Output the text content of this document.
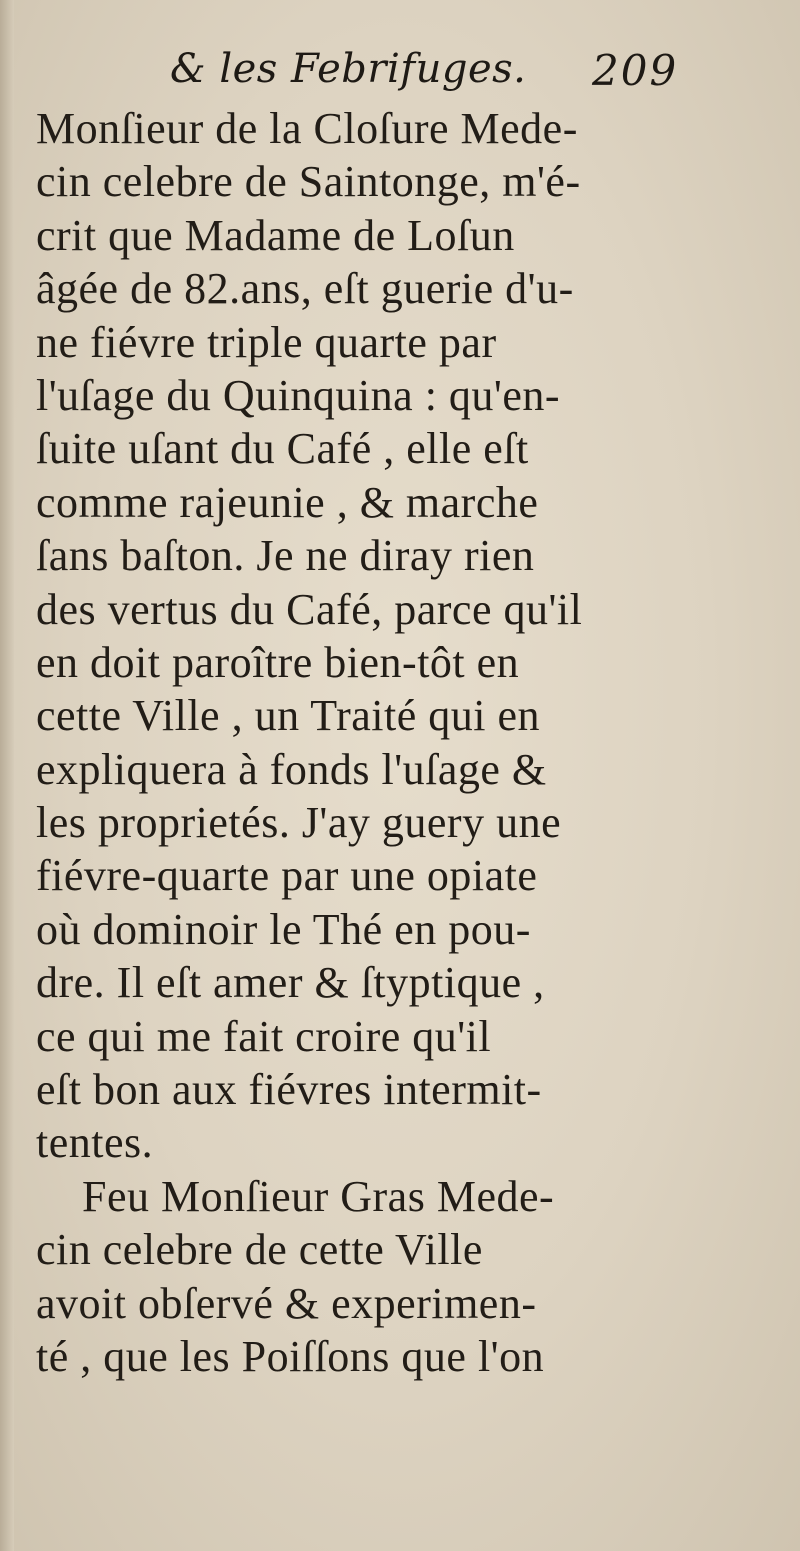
& les Febrifuges. 209
Monſieur de la Cloſure Mede-
cin celebre de Saintonge, m'é-
crit que Madame de Loſun
âgée de 82.ans, eſt guerie d'u-
ne fiévre triple quarte par
l'uſage du Quinquina : qu'en-
ſuite uſant du Café , elle eſt
comme rajeunie , & marche
ſans baſton. Je ne diray rien
des vertus du Café, parce qu'il
en doit paroître bien-tôt en
cette Ville , un Traité qui en
expliquera à fonds l'uſage &
les proprietés. J'ay guery une
fiévre-quarte par une opiate
où dominoir le Thé en pou-
dre. Il eſt amer & ſtyptique ,
ce qui me fait croire qu'il
eſt bon aux fiévres intermit-
tentes.
Feu Monſieur Gras Mede-
cin celebre de cette Ville
avoit obſervé & experimen-
té , que les Poiſſons que l'on
